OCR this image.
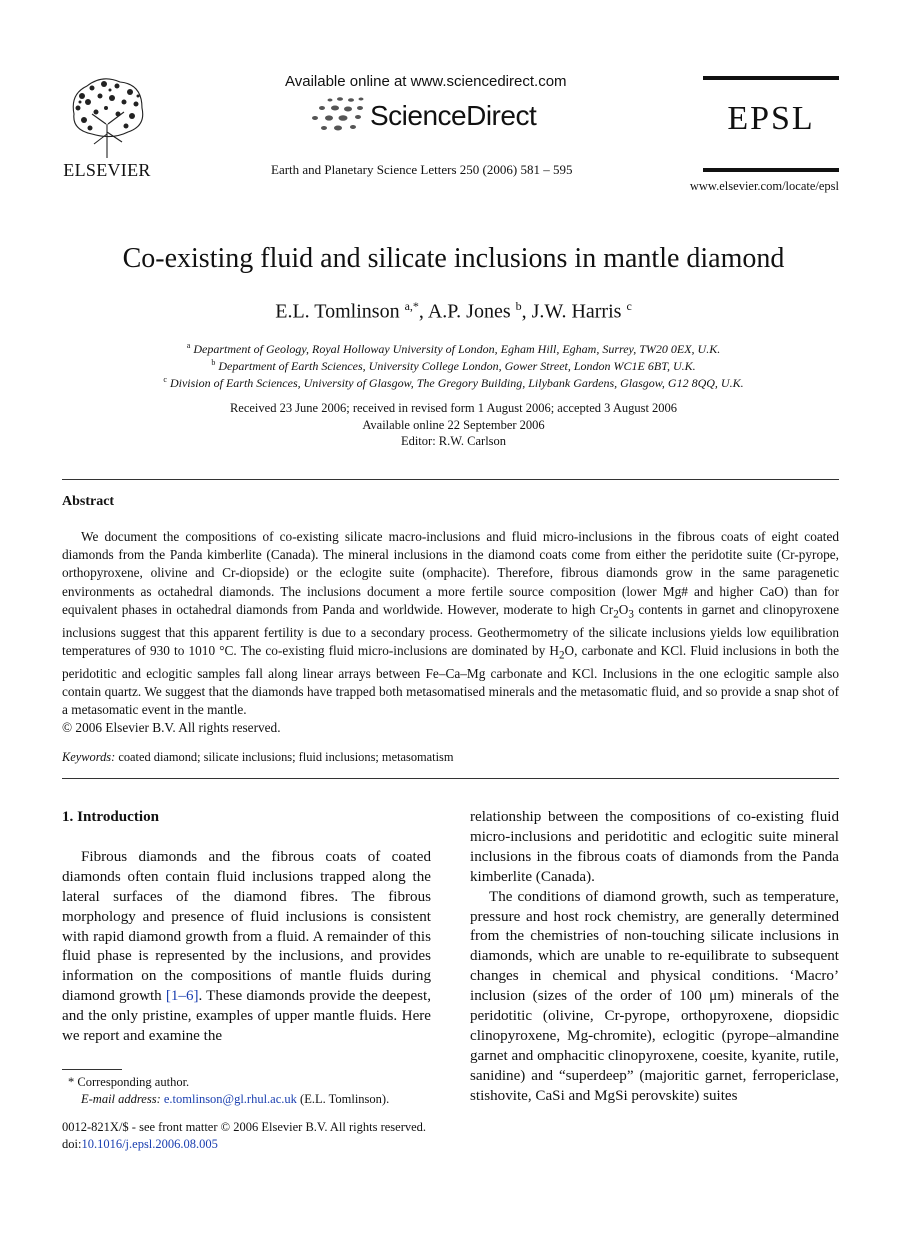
ELSEVIER
Available online at www.sciencedirect.com
ScienceDirect
Earth and Planetary Science Letters 250 (2006) 581 – 595
EPSL
www.elsevier.com/locate/epsl
Co-existing fluid and silicate inclusions in mantle diamond
E.L. Tomlinson $^{a,*}$, A.P. Jones $^b$, J.W. Harris $^c$
$^a$ Department of Geology, Royal Holloway University of London, Egham Hill, Egham, Surrey, TW20 0EX, U.K.
$^b$ Department of Earth Sciences, University College London, Gower Street, London WC1E 6BT, U.K.
$^c$ Division of Earth Sciences, University of Glasgow, The Gregory Building, Lilybank Gardens, Glasgow, G12 8QQ, U.K.
Received 23 June 2006; received in revised form 1 August 2006; accepted 3 August 2006
Available online 22 September 2006
Editor: R.W. Carlson
Abstract

We document the compositions of co-existing silicate macro-inclusions and fluid micro-inclusions in the fibrous coats of eight coated diamonds from the Panda kimberlite (Canada). The mineral inclusions in the diamond coats come from either the peridotite suite (Cr-pyrope, orthopyroxene, olivine and Cr-diopside) or the eclogite suite (omphacite). Therefore, fibrous diamonds grow in the same paragenetic environments as octahedral diamonds. The inclusions document a more fertile source composition (lower Mg# and higher CaO) than for equivalent phases in octahedral diamonds from Panda and worldwide. However, moderate to high $Cr_2O_3$ contents in garnet and clinopyroxene inclusions suggest that this apparent fertility is due to a secondary process. Geothermometry of the silicate inclusions yields low equilibration temperatures of 930 to 1010 °C. The co-existing fluid micro-inclusions are dominated by $H_2O$, carbonate and KCl. Fluid inclusions in both the peridotitic and eclogitic samples fall along linear arrays between Fe–Ca–Mg carbonate and KCl. Inclusions in the one eclogitic sample also contain quartz. We suggest that the diamonds have trapped both metasomatised minerals and the metasomatic fluid, and so provide a snap shot of a metasomatic event in the mantle.

© 2006 Elsevier B.V. All rights reserved.

Keywords: coated diamond; silicate inclusions; fluid inclusions; metasomatism

1. Introduction

Fibrous diamonds and the fibrous coats of coated diamonds often contain fluid inclusions trapped along the lateral surfaces of the diamond fibres. The fibrous morphology and presence of fluid inclusions is consistent with rapid diamond growth from a fluid. A remainder of this fluid phase is represented by the inclusions, and provides information on the compositions of mantle fluids during diamond growth [1–6]. These diamonds provide the deepest, and the only pristine, examples of upper mantle fluids. Here we report and examine the

relationship between the compositions of co-existing fluid micro-inclusions and peridotitic and eclogitic suite mineral inclusions in the fibrous coats of diamonds from the Panda kimberlite (Canada).

The conditions of diamond growth, such as temperature, pressure and host rock chemistry, are generally determined from the chemistries of non-touching silicate inclusions in diamonds, which are unable to re-equilibrate to subsequent changes in chemical and physical conditions. ‘Macro’ inclusion (sizes of the order of 100 μm) minerals of the peridotitic (olivine, Cr-pyrope, orthopyroxene, diopsidic clinopyroxene, Mg-chromite), eclogitic (pyrope–almandine garnet and omphacitic clinopyroxene, coesite, kyanite, rutile, sanidine) and “superdeep” (majoritic garnet, ferropericlase, stishovite, CaSi and MgSi perovskite) suites

* Corresponding author.
E-mail address: e.tomlinson@gl.rhul.ac.uk (E.L. Tomlinson).
0012-821X/$ - see front matter © 2006 Elsevier B.V. All rights reserved.
doi:10.1016/j.epsl.2006.08.005
